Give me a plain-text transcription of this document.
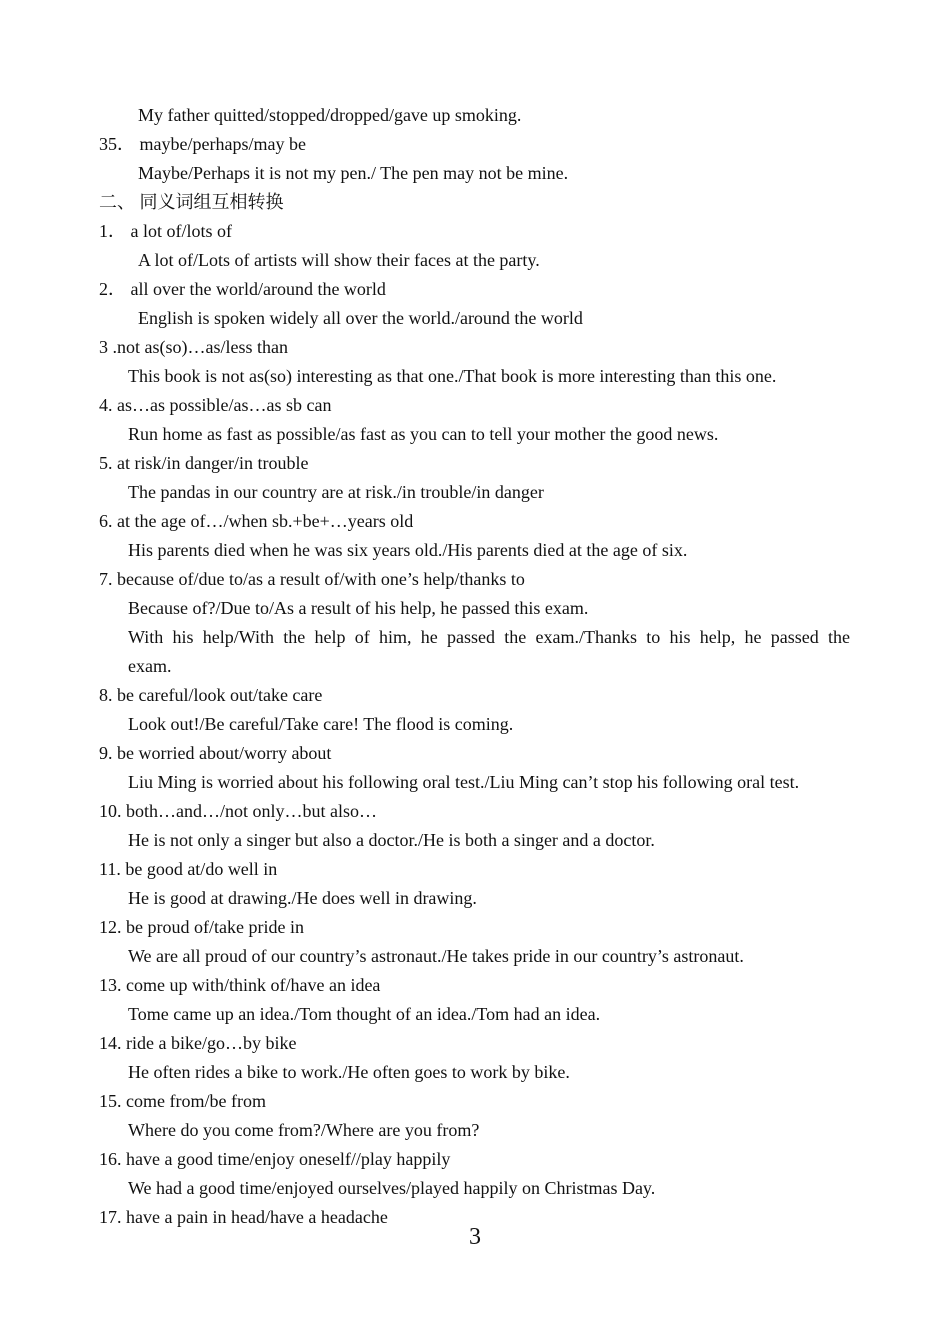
My father quitted/stopped/dropped/gave up smoking.
35． maybe/perhaps/may be
Maybe/Perhaps it is not my pen./ The pen may not be mine.
二、 同义词组互相转换
1． a lot of/lots of
A lot of/Lots of artists will show their faces at the party.
2． all over the world/around the world
English is spoken widely all over the world./around the world
3 .not as(so)…as/less than
This book is not as(so) interesting as that one./That book is more interesting than this one.
4. as…as possible/as…as sb can
Run home as fast as possible/as fast as you can to tell your mother the good news.
5. at risk/in danger/in trouble
The pandas in our country are at risk./in trouble/in danger
6. at the age of…/when sb.+be+…years old
His parents died when he was six years old./His parents died at the age of six.
7. because of/due to/as a result of/with one’s help/thanks to
Because of?/Due to/As a result of his help, he passed this exam.
With his help/With the help of him, he passed the exam./Thanks to his help, he passed the
exam.
8. be careful/look out/take care
Look out!/Be careful/Take care! The flood is coming.
9. be worried about/worry about
Liu Ming is worried about his following oral test./Liu Ming can’t stop his following oral test.
10. both…and…/not only…but also…
He is not only a singer but also a doctor./He is both a singer and a doctor.
11. be good at/do well in
He is good at drawing./He does well in drawing.
12. be proud of/take pride in
We are all proud of our country’s astronaut./He takes pride in our country’s astronaut.
13. come up with/think of/have an idea
Tome came up an idea./Tom thought of an idea./Tom had an idea.
14. ride a bike/go…by bike
He often rides a bike to work./He often goes to work by bike.
15. come from/be from
Where do you come from?/Where are you from?
16. have a good time/enjoy oneself//play happily
We had a good time/enjoyed ourselves/played happily on Christmas Day.
17. have a pain in head/have a headache
3
